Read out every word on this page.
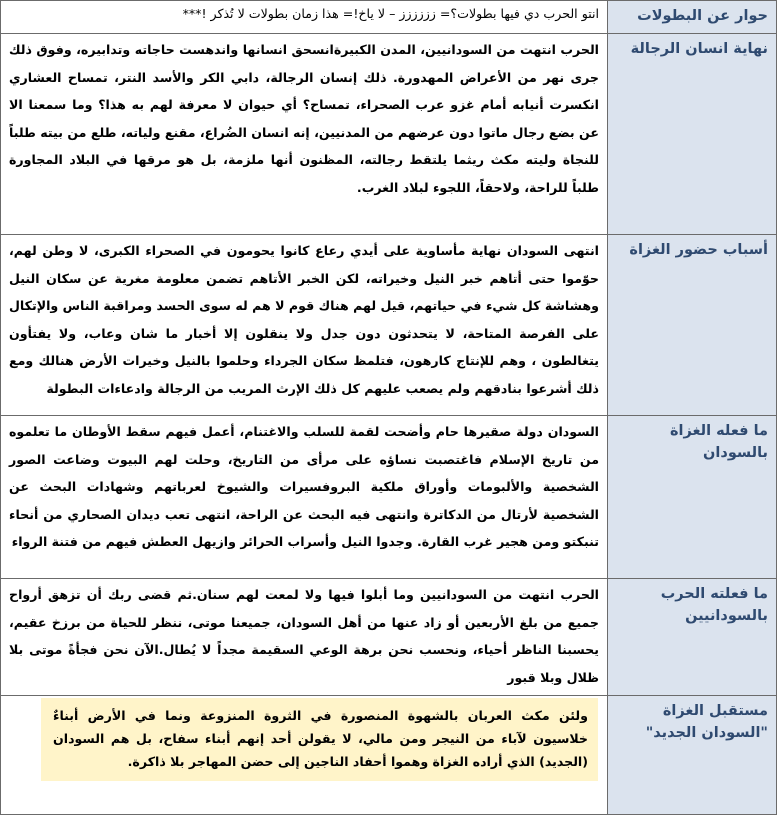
حوار عن البطولات	انتو الحرب دي فيها بطولات؟= زززززز – لا ياخ!= هذا زمان بطولات لا تُذكر !***
نهاية انسان الرجالة	الحرب انتهت من السودانيين، المدن الكبيرةانسحق انسانها واندهست حاجاته وتدابيره، وفوق ذلك جرى نهر من الأعراض المهدورة. ذلك إنسان الرجالة، دابي الكر والأسد النتر، تمساح العشاري انكسرت أنيابه أمام غزو عرب الصحراء، تمساح؟ أي حيوان لا معرفة لهم به هذا؟ وما سمعنا الا عن بضع رجال ماتوا دون عرضهم من المدنيين، إنه انسان الضُراع، مقنع ولياته، طلع من بيته طلباً للنجاة وليته مكث ريثما يلتقط رجالته، المظنون أنها ملزمة، بل هو مرقها في البلاد المجاورة طلباً للراحة، ولاحقاً، اللجوء لبلاد الغرب.
أسباب حضور الغزاة	انتهى السودان نهاية مأساوية على أيدي رعاع كانوا يحومون في الصحراء الكبرى، لا وطن لهم، حوّموا حتى أتاهم خبر النيل وخيراته، لكن الخبر الأتاهم تضمن معلومة مغرية عن سكان النيل وهشاشة كل شيء في حياتهم، قيل لهم هناك قوم لا هم له سوى الحسد ومراقبة الناس والإتكال على الفرصة المتاحة، لا يتحدثون دون جدل ولا ينقلون إلا أخبار ما شان وعاب، ولا يفتأون يتغالطون ، وهم للإنتاج كارهون، فتلمظ سكان الجرداء وحلموا بالنيل وخيرات الأرض هنالك ومع ذلك أشرعوا بنادقهم ولم يصعب عليهم كل ذلك الإرث المريب من الرجالة وادعاءات البطولة
ما فعله الغزاة بالسودان	السودان دولة صقيرها حام وأضحت لقمة للسلب والاغتنام، أعمل فيهم سقط الأوطان ما تعلموه من تاريخ الإسلام فاغتصبت نساؤه على مرأى من التاريخ، وحلت لهم البيوت وضاعت الصور الشخصية والألبومات وأوراق ملكية البروفسيرات والشيوخ لعرباتهم وشهادات البحث عن الشخصية لأرتال من الدكاترة وانتهى فيه البحث عن الراحة، انتهى تعب ديدان الصحاري من أنحاء تنبكتو ومن هجير غرب القارة. وجدوا النيل وأسراب الحرائر وازيهل العطش فيهم من فتنة الرواء
ما فعلته الحرب بالسودانيين	الحرب انتهت من السودانيين وما أبلوا فيها ولا لمعت لهم سنان.ثم قضى ربك أن تزهق أرواح جميع من بلغ الأربعين أو زاد عنها من أهل السودان، جميعنا موتى، ننظر للحياة من برزخ عقيم، يحسبنا الناظر أحياء، ونحسب نحن برهة الوعي السقيمة مجداً لا يُطال.الآن نحن فجأةً موتى بلا ظلال وبلا قبور
مستقبل الغزاة "السودان الجديد"	ولئن مكث العربان بالشهوة المنصورة في الثروة المنزوعة ونما في الأرض أبناءٌ خلاسيون لآباء من النيجر ومن مالي، لا يقولن أحد إنهم أبناء سفاح، بل هم السودان (الجديد) الذي أراده الغزاة وهموا أحفاد الناجين إلى حضن المهاجر بلا ذاكرة.
